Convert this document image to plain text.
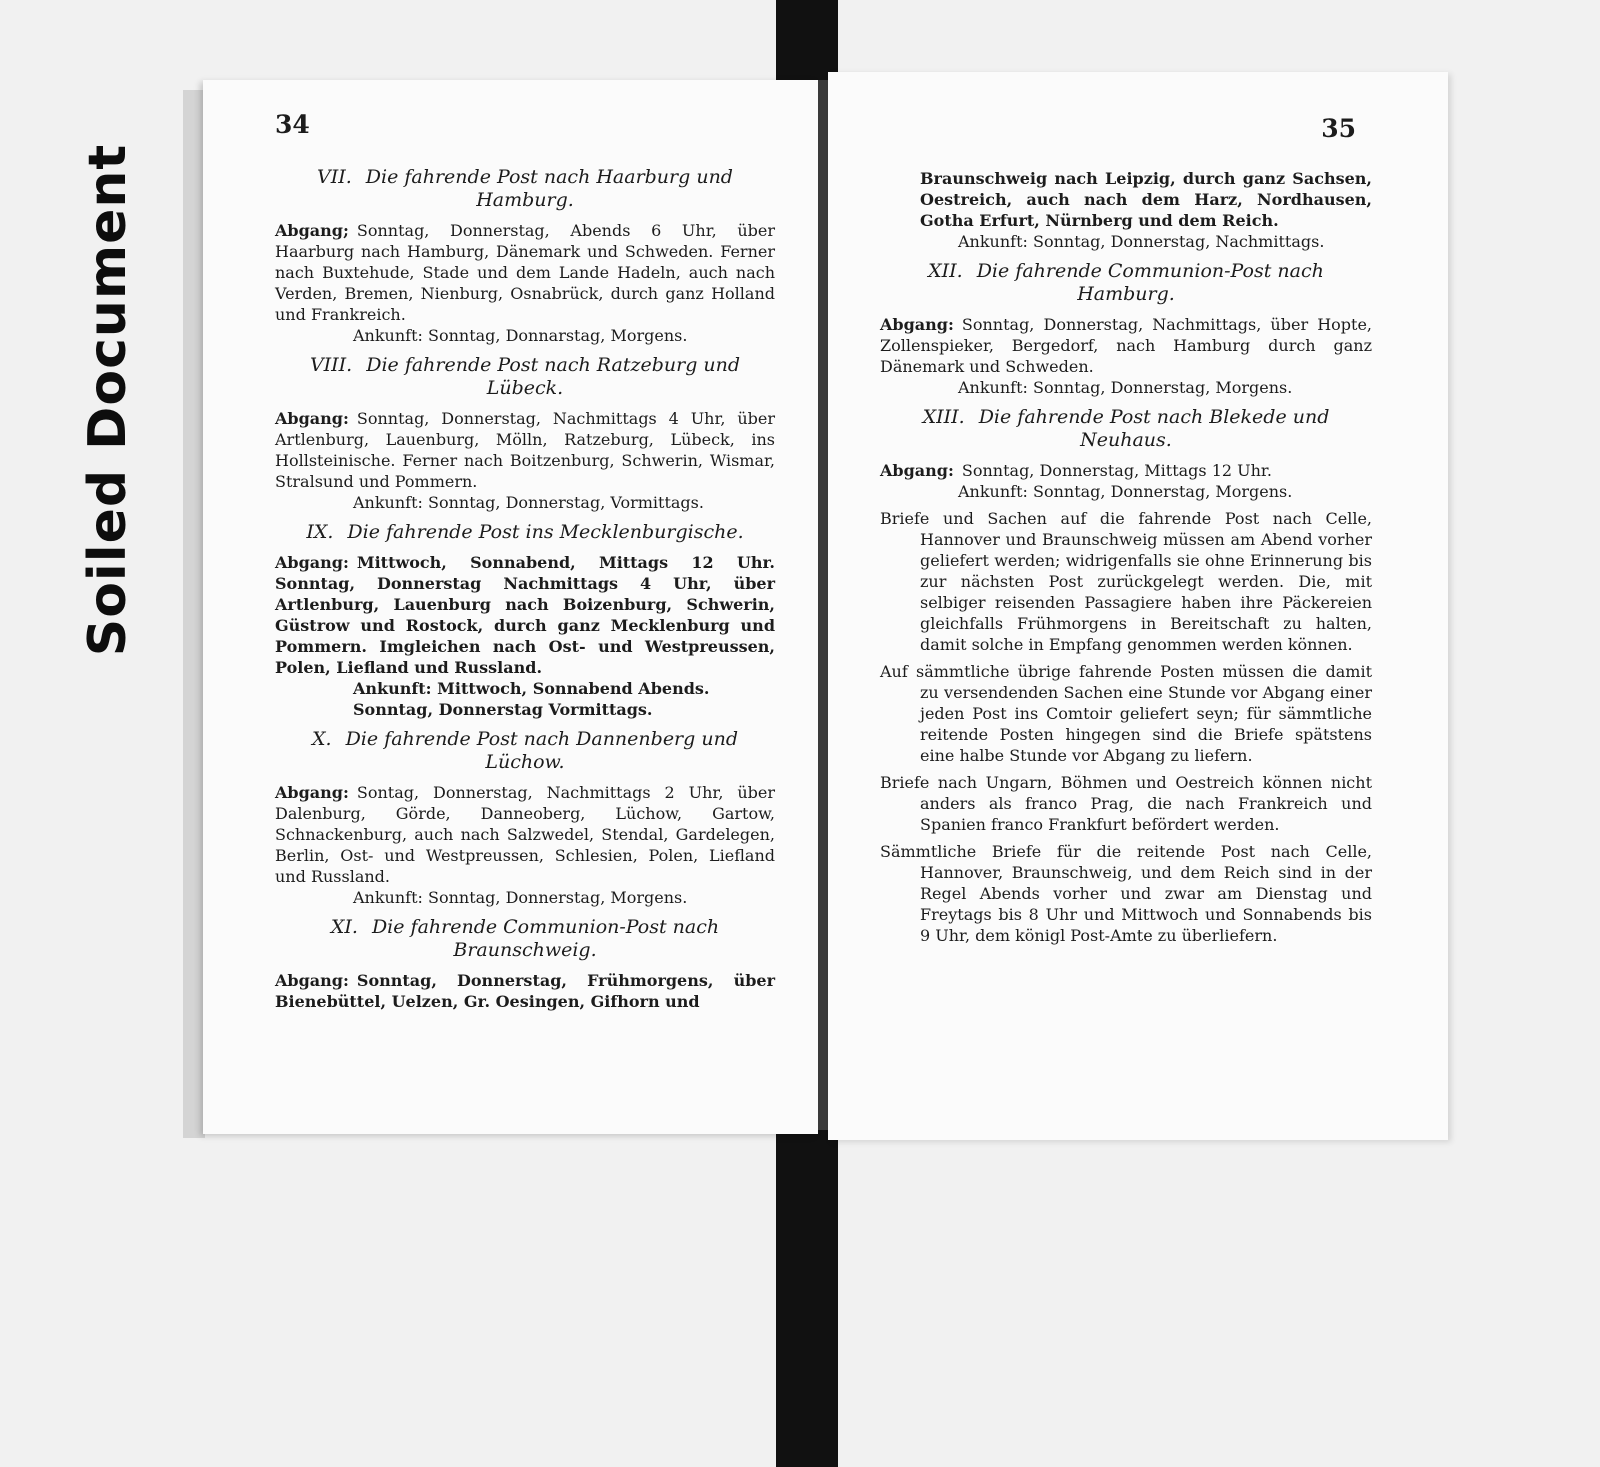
Soiled Document
34
VII. Die fahrende Post nach Haarburg und Hamburg.
Abgang; Sonntag, Donnerstag, Abends 6 Uhr, über Haarburg nach Hamburg, Dänemark und Schweden. Ferner nach Buxtehude, Stade und dem Lande Hadeln, auch nach Verden, Bremen, Nienburg, Osnabrück, durch ganz Holland und Frankreich.
Ankunft: Sonntag, Donnarstag, Morgens.
VIII. Die fahrende Post nach Ratzeburg und Lübeck.
Abgang: Sonntag, Donnerstag, Nachmittags 4 Uhr, über Artlenburg, Lauenburg, Mölln, Ratzeburg, Lübeck, ins Hollsteinische. Ferner nach Boitzenburg, Schwerin, Wismar, Stralsund und Pommern.
Ankunft: Sonntag, Donnerstag, Vormittags.
IX. Die fahrende Post ins Mecklenburgische.
Abgang: Mittwoch, Sonnabend, Mittags 12 Uhr. Sonntag, Donnerstag Nachmittags 4 Uhr, über Artlenburg, Lauenburg nach Boizenburg, Schwerin, Güstrow und Rostock, durch ganz Mecklenburg und Pommern. Imgleichen nach Ost- und Westpreussen, Polen, Liefland und Russland.
Ankunft: Mittwoch, Sonnabend Abends. Sonntag, Donnerstag Vormittags.
X. Die fahrende Post nach Dannenberg und Lüchow.
Abgang: Sontag, Donnerstag, Nachmittags 2 Uhr, über Dalenburg, Görde, Danneoberg, Lüchow, Gartow, Schnackenburg, auch nach Salzwedel, Stendal, Gardelegen, Berlin, Ost- und Westpreussen, Schlesien, Polen, Liefland und Russland.
Ankunft: Sonntag, Donnerstag, Morgens.
XI. Die fahrende Communion-Post nach Braunschweig.
Abgang: Sonntag, Donnerstag, Frühmorgens, über Bienebüttel, Uelzen, Gr. Oesingen, Gifhorn und
35
Braunschweig nach Leipzig, durch ganz Sachsen, Oestreich, auch nach dem Harz, Nordhausen, Gotha Erfurt, Nürnberg und dem Reich.
Ankunft: Sonntag, Donnerstag, Nachmittags.
XII. Die fahrende Communion-Post nach Hamburg.
Abgang: Sonntag, Donnerstag, Nachmittags, über Hopte, Zollenspieker, Bergedorf, nach Hamburg durch ganz Dänemark und Schweden.
Ankunft: Sonntag, Donnerstag, Morgens.
XIII. Die fahrende Post nach Blekede und Neuhaus.
Abgang: Sonntag, Donnerstag, Mittags 12 Uhr.
Ankunft: Sonntag, Donnerstag, Morgens.
Briefe und Sachen auf die fahrende Post nach Celle, Hannover und Braunschweig müssen am Abend vorher geliefert werden; widrigenfalls sie ohne Erinnerung bis zur nächsten Post zurückgelegt werden. Die, mit selbiger reisenden Passagiere haben ihre Päckereien gleichfalls Frühmorgens in Bereitschaft zu halten, damit solche in Empfang genommen werden können.
Auf sämmtliche übrige fahrende Posten müssen die damit zu versendenden Sachen eine Stunde vor Abgang einer jeden Post ins Comtoir geliefert seyn; für sämmtliche reitende Posten hingegen sind die Briefe spätstens eine halbe Stunde vor Abgang zu liefern.
Briefe nach Ungarn, Böhmen und Oestreich können nicht anders als franco Prag, die nach Frankreich und Spanien franco Frankfurt befördert werden.
Sämmtliche Briefe für die reitende Post nach Celle, Hannover, Braunschweig, und dem Reich sind in der Regel Abends vorher und zwar am Dienstag und Freytags bis 8 Uhr und Mittwoch und Sonnabends bis 9 Uhr, dem königl Post-Amte zu überliefern.
